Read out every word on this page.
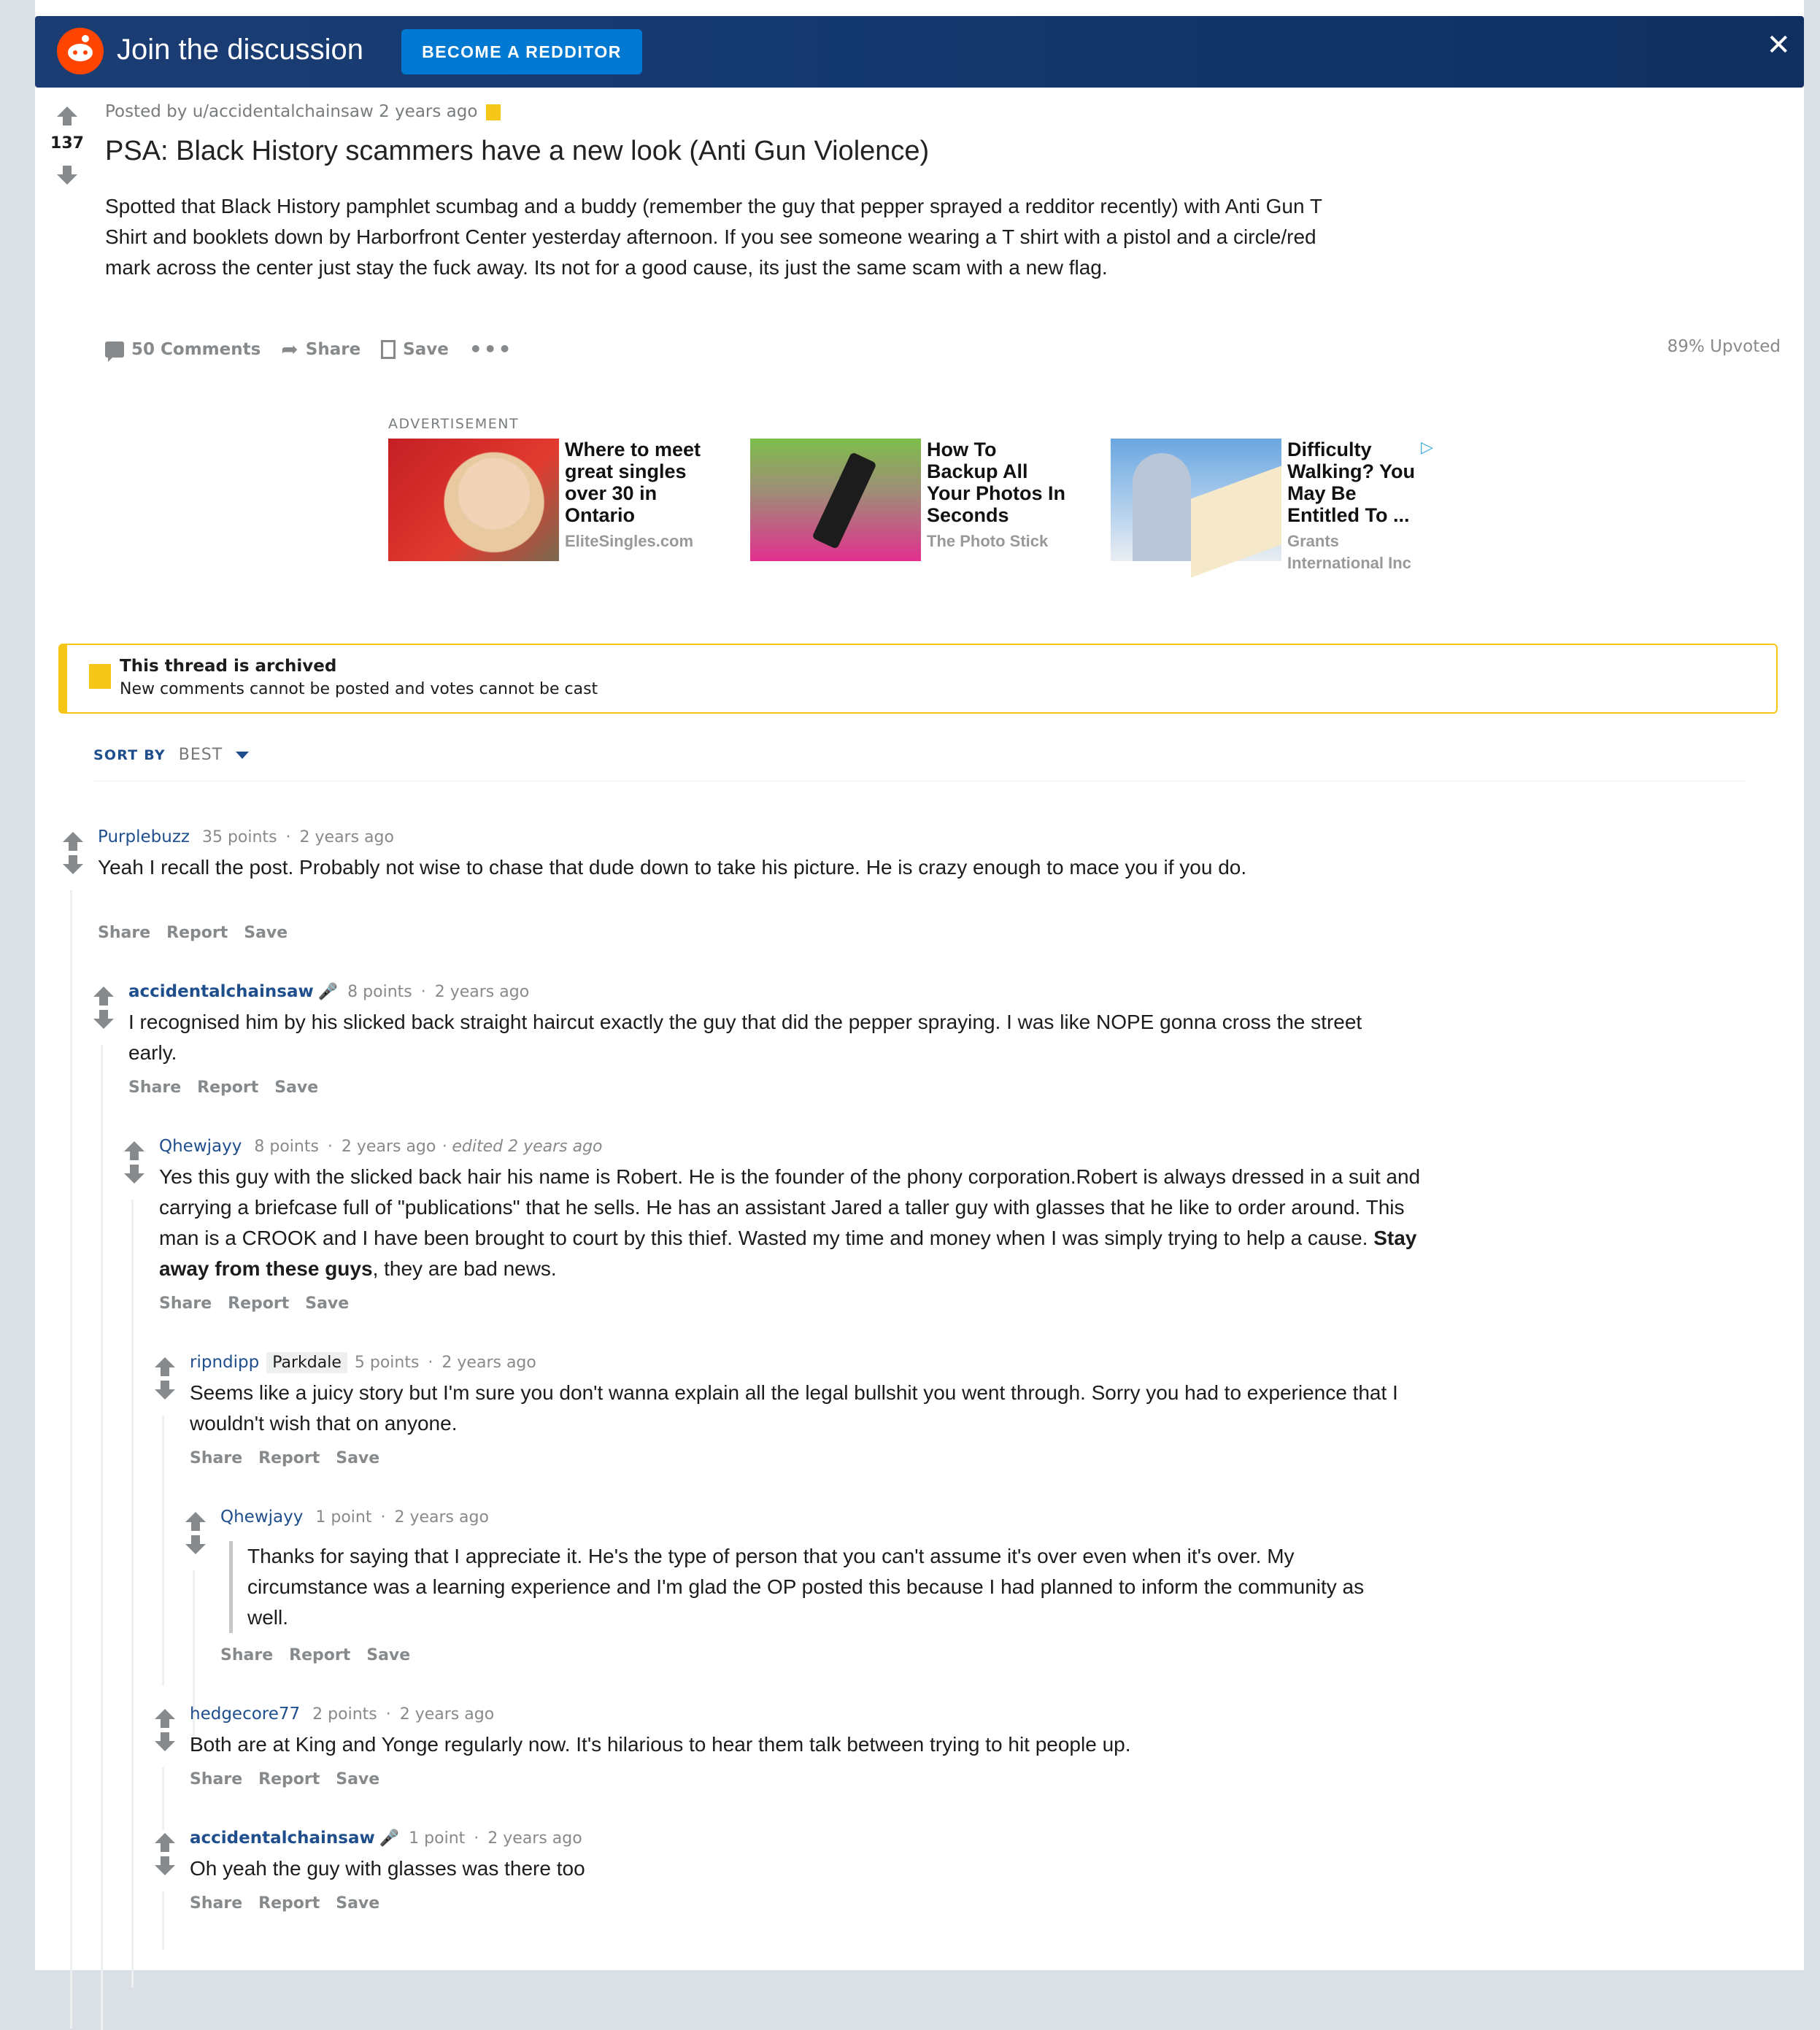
Join the discussion	BECOME A REDDITOR	✕
137
Posted by u/accidentalchainsaw 2 years ago
PSA: Black History scammers have a new look (Anti Gun Violence)
Spotted that Black History pamphlet scumbag and a buddy (remember the guy that pepper sprayed a redditor recently) with Anti Gun T Shirt and booklets down by Harborfront Center yesterday afternoon. If you see someone wearing a T shirt with a pistol and a circle/red mark across the center just stay the fuck away. Its not for a good cause, its just the same scam with a new flag.
50 Comments ➦ Share	Save •••	89% Upvoted
ADVERTISEMENT
Where to meet great singles over 30 in Ontario
EliteSingles.com
How To Backup All Your Photos In Seconds
The Photo Stick
Difficulty Walking? You May Be Entitled To ...
Grants International Inc
▷
This thread is archived
New comments cannot be posted and votes cannot be cast
SORT BY BEST
Purplebuzz 35 points · 2 years ago
Yeah I recall the post. Probably not wise to chase that dude down to take his picture. He is crazy enough to mace you if you do.
Share Report Save
accidentalchainsaw 🎤 8 points · 2 years ago
I recognised him by his slicked back straight haircut exactly the guy that did the pepper spraying. I was like NOPE gonna cross the street early.
Share Report Save
Qhewjayy 8 points · 2 years ago · edited 2 years ago
Yes this guy with the slicked back hair his name is Robert. He is the founder of the phony corporation.Robert is always dressed in a suit and carrying a briefcase full of "publications" that he sells. He has an assistant Jared a taller guy with glasses that he like to order around. This man is a CROOK and I have been brought to court by this thief. Wasted my time and money when I was simply trying to help a cause. Stay away from these guys, they are bad news.
Share Report Save
ripndipp Parkdale 5 points · 2 years ago
Seems like a juicy story but I'm sure you don't wanna explain all the legal bullshit you went through. Sorry you had to experience that I wouldn't wish that on anyone.
Share Report Save
Qhewjayy 1 point · 2 years ago
Thanks for saying that I appreciate it. He's the type of person that you can't assume it's over even when it's over. My circumstance was a learning experience and I'm glad the OP posted this because I had planned to inform the community as well.
Share Report Save
hedgecore77 2 points · 2 years ago
Both are at King and Yonge regularly now. It's hilarious to hear them talk between trying to hit people up.
Share Report Save
accidentalchainsaw 🎤 1 point · 2 years ago
Oh yeah the guy with glasses was there too
Share Report Save
